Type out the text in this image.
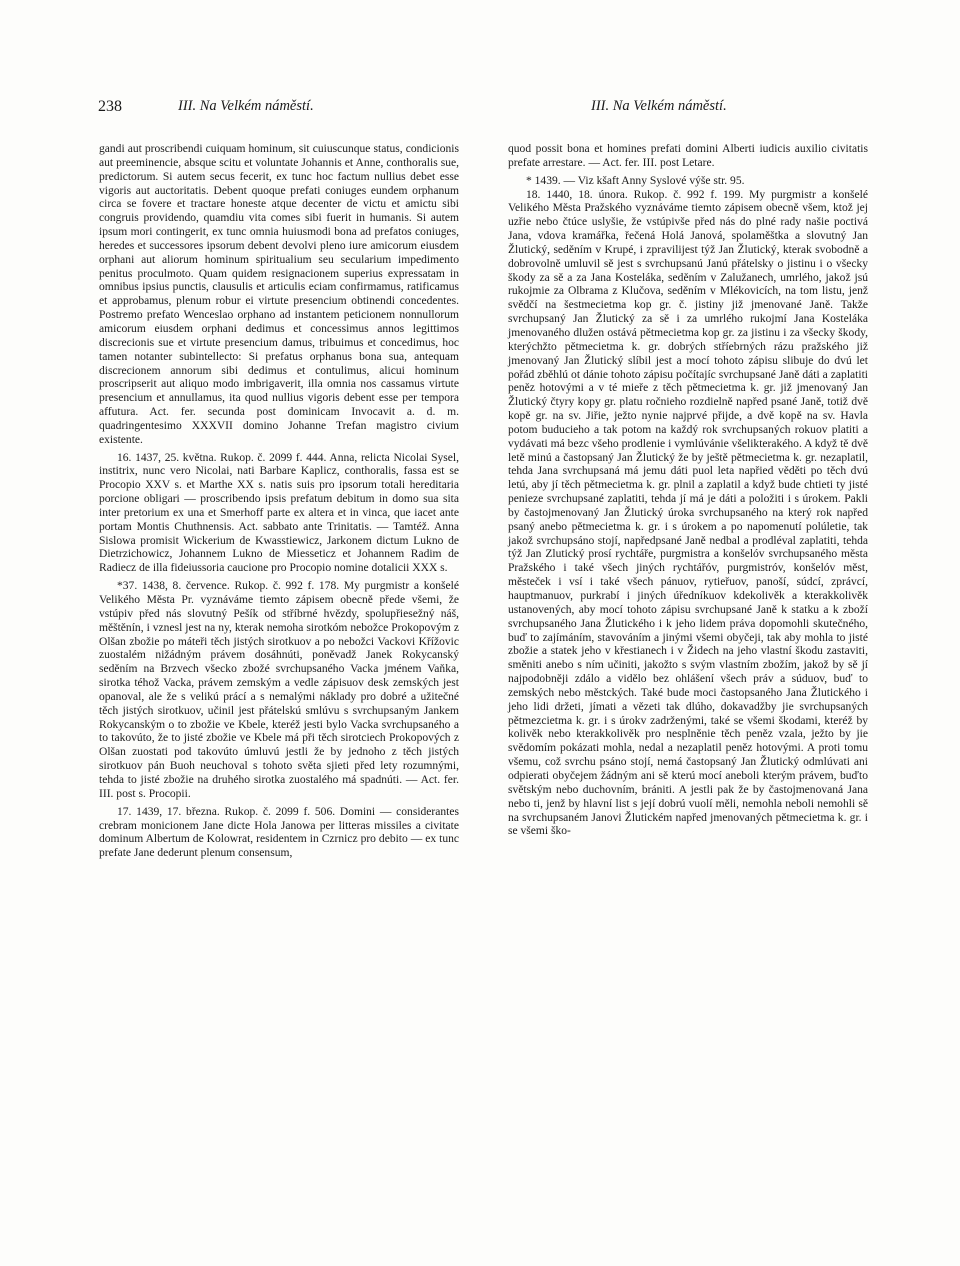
238	III. Na Velkém náměstí.	III. Na Velkém náměstí.

gandi aut proscribendi cuiquam hominum, sit cuiuscunque status, condicionis aut preeminencie, absque scitu et voluntate Johannis et Anne, conthoralis sue, predictorum. Si autem secus fecerit, ex tunc hoc factum nullius debet esse vigoris aut auctoritatis. Debent quoque prefati coniuges eundem orphanum circa se fovere et tractare honeste atque decenter de victu et amictu sibi congruis providendo, quamdiu vita comes sibi fuerit in humanis. Si autem ipsum mori contingerit, ex tunc omnia huiusmodi bona ad prefatos coniuges, heredes et successores ipsorum debent devolvi pleno iure amicorum eiusdem orphani aut aliorum hominum spiritualium seu secularium impedimento penitus proculmoto. Quam quidem resignacionem superius expressatam in omnibus ipsius punctis, clausulis et articulis eciam confirmamus, ratificamus et approbamus, plenum robur ei virtute presencium obtinendi concedentes. Postremo prefato Wenceslao orphano ad instantem peticionem nonnullorum amicorum eiusdem orphani dedimus et concessimus annos legittimos discrecionis sue et virtute presencium damus, tribuimus et concedimus, hoc tamen notanter subintellecto: Si prefatus orphanus bona sua, antequam discrecionem annorum sibi dedimus et contulimus, alicui hominum proscripserit aut aliquo modo imbrigaverit, illa omnia nos cassamus virtute presencium et annullamus, ita quod nullius vigoris debent esse per tempora affutura. Act. fer. secunda post dominicam Invocavit a. d. m. quadringentesimo XXXVII domino Johanne Trefan magistro civium existente.

16. 1437, 25. května. Rukop. č. 2099 f. 444. Anna, relicta Nicolai Sysel, institrix, nunc vero Nicolai, nati Barbare Kaplicz, conthoralis, fassa est se Procopio XXV s. et Marthe XX s. natis suis pro ipsorum totali hereditaria porcione obligari — proscribendo ipsis prefatum debitum in domo sua sita inter pretorium ex una et Smerhoff parte ex altera et in vinca, que iacet ante portam Montis Chuthnensis. Act. sabbato ante Trinitatis. — Tamtéž. Anna Sislowa promisit Wickerium de Kwasstiewicz, Jarkonem dictum Lukno de Dietrzichowicz, Johannem Lukno de Miesseticz et Johannem Radim de Radiecz de illa fideiussoria caucione pro Procopio nomine dotalicii XXX s.

*37. 1438, 8. července. Rukop. č. 992 f. 178. My purgmistr a konšelé Velikého Města Pr. vyznáváme tiemto zápisem obecně přede všemi, že vstúpiv před nás slovutný Pešík od stříbrné hvězdy, spolupřiesežný náš, měštěnín, i vznesl jest na ny, kterak nemoha sirotkóm nebožce Prokopovým z Olšan zbožie po máteři těch jistých sirotkuov a po nebožci Vackovi Křížovic zuostalém nižádným právem dosáhnúti, poněvadž Janek Rokycanský seděním na Brzvech všecko zbožé svrchupsaného Vacka jménem Vaňka, sirotka téhož Vacka, právem zemským a vedle zápisuov desk zemských jest opanoval, ale že s velikú prácí a s nemalými náklady pro dobré a užitečné těch jistých sirotkuov, učinil jest přátelskú smlúvu s svrchupsaným Jankem Rokycanským o to zbožie ve Kbele, kteréž jesti bylo Vacka svrchupsaného a to takovúto, že to jisté zbožie ve Kbele má při těch sirotciech Prokopových z Olšan zuostati pod takovúto úmluvú jestli že by jednoho z těch jistých sirotkuov pán Buoh neuchoval s tohoto světa sjieti před lety rozumnými, tehda to jisté zbožie na druhého sirotka zuostalého má spadnúti. — Act. fer. III. post s. Procopii.

17. 1439, 17. března. Rukop. č. 2099 f. 506. Domini — considerantes crebram monicionem Jane dicte Hola Janowa per litteras missiles a civitate dominum Albertum de Kolowrat, residentem in Czrnicz pro debito — ex tunc prefate Jane dederunt plenum consensum,

quod possit bona et homines prefati domini Alberti iudicis auxilio civitatis prefate arrestare. — Act. fer. III. post Letare.

* 1439. — Viz kšaft Anny Syslové výše str. 95.

18. 1440, 18. února. Rukop. č. 992 f. 199. My purgmistr a konšelé Velikého Města Pražského vyznáváme tiemto zápisem obecně všem, ktož jej uzřie nebo čtúce uslyšie, že vstúpivše před nás do plné rady našie poctivá Jana, vdova kramářka, řečená Holá Janová, spolaměštka a slovutný Jan Žlutický, seděním v Krupé, i zpravilijest týž Jan Žlutický, kterak svobodně a dobrovolně umluvil sě jest s svrchupsanú Janú přátelsky o jistinu i o všecky škody za sě a za Jana Kosteláka, seděním v Zalužanech, umrlého, jakož jsú rukojmie za Olbrama z Klučova, seděním v Mlékovicích, na tom listu, jenž svědčí na šestmecietma kop gr. č. jistiny již jmenované Janě. Takže svrchupsaný Jan Žlutický za sě i za umrlého rukojmí Jana Kosteláka jmenovaného dlužen ostává pětmecietma kop gr. za jistinu i za všecky škody, kterýchžto pětmecietma k. gr. dobrých stříebrných rázu pražského již jmenovaný Jan Žlutický slíbil jest a mocí tohoto zápisu slibuje do dvú let pořád zběhlú ot dánie tohoto zápisu počítajíc svrchupsané Janě dáti a zaplatiti peněz hotovými a v té mieře z těch pětmecietma k. gr. již jmenovaný Jan Žlutický čtyry kopy gr. platu ročnieho rozdielně napřed psané Janě, totiž dvě kopě gr. na sv. Jiřie, ježto nynie najprvé přijde, a dvě kopě na sv. Havla potom buducieho a tak potom na každý rok svrchupsaných rokuov platiti a vydávati má bezc všeho prodlenie i vymlúvánie všelikterakého. A když tě dvě letě minú a častopsaný Jan Žlutický že by ještě pětmecietma k. gr. nezaplatil, tehda Jana svrchupsaná má jemu dáti puol leta napřied věděti po těch dvú letú, aby jí těch pětmecietma k. gr. plnil a zaplatil a když bude chtieti ty jisté penieze svrchupsané zaplatiti, tehda jí má je dáti a položiti i s úrokem. Pakli by častojmenovaný Jan Žlutický úroka svrchupsaného na který rok napřed psaný anebo pětmecietma k. gr. i s úrokem a po napomenutí polúletie, tak jakož svrchupsáno stojí, napředpsané Janě nedbal a prodléval zaplatiti, tehda týž Jan Zlutický prosí rychtáře, purgmistra a konšelóv svrchupsaného města Pražského i také všech jiných rychtářóv, purgmistróv, konšelóv měst, městeček i vsí i také všech pánuov, rytieřuov, panoší, súdcí, zprávcí, hauptmanuov, purkrabí i jiných úředníkuov kdekolivěk a kterakkolivěk ustanovených, aby mocí tohoto zápisu svrchupsané Janě k statku a k zboží svrchupsaného Jana Žlutického i k jeho lidem práva dopomohli skutečného, buď to zajímáním, stavováním a jinými všemi obyčeji, tak aby mohla to jisté zbožie a statek jeho v křestianech i v Židech na jeho vlastní škodu zastaviti, směniti anebo s ním učiniti, jakožto s svým vlastním zbožím, jakož by sě jí najpodobněji zdálo a vidělo bez ohlášení všech práv a súduov, buď to zemských nebo městckých. Také bude moci častopsaného Jana Žlutického i jeho lidi držeti, jímati a vězeti tak dlúho, dokavadžby jie svrchupsaných pětmezcietma k. gr. i s úrokv zadrženými, také se všemi škodami, kteréž by kolivěk nebo kterakkolivěk pro nesplněnie těch peněz vzala, ježto by jie svědomím pokázati mohla, nedal a nezaplatil peněz hotovými. A proti tomu všemu, což svrchu psáno stojí, nemá častopsaný Jan Žlutický odmlúvati ani odpierati obyčejem žádným ani sě kterú mocí aneboli kterým právem, buďto světským nebo duchovním, brániti. A jestli pak že by častojmenovaná Jana nebo ti, jenž by hlavní list s její dobrú vuolí měli, nemohla neboli nemohli sě na svrchupsaném Janovi Žlutickém napřed jmenovaných pětmecietma k. gr. i se všemi ško-
